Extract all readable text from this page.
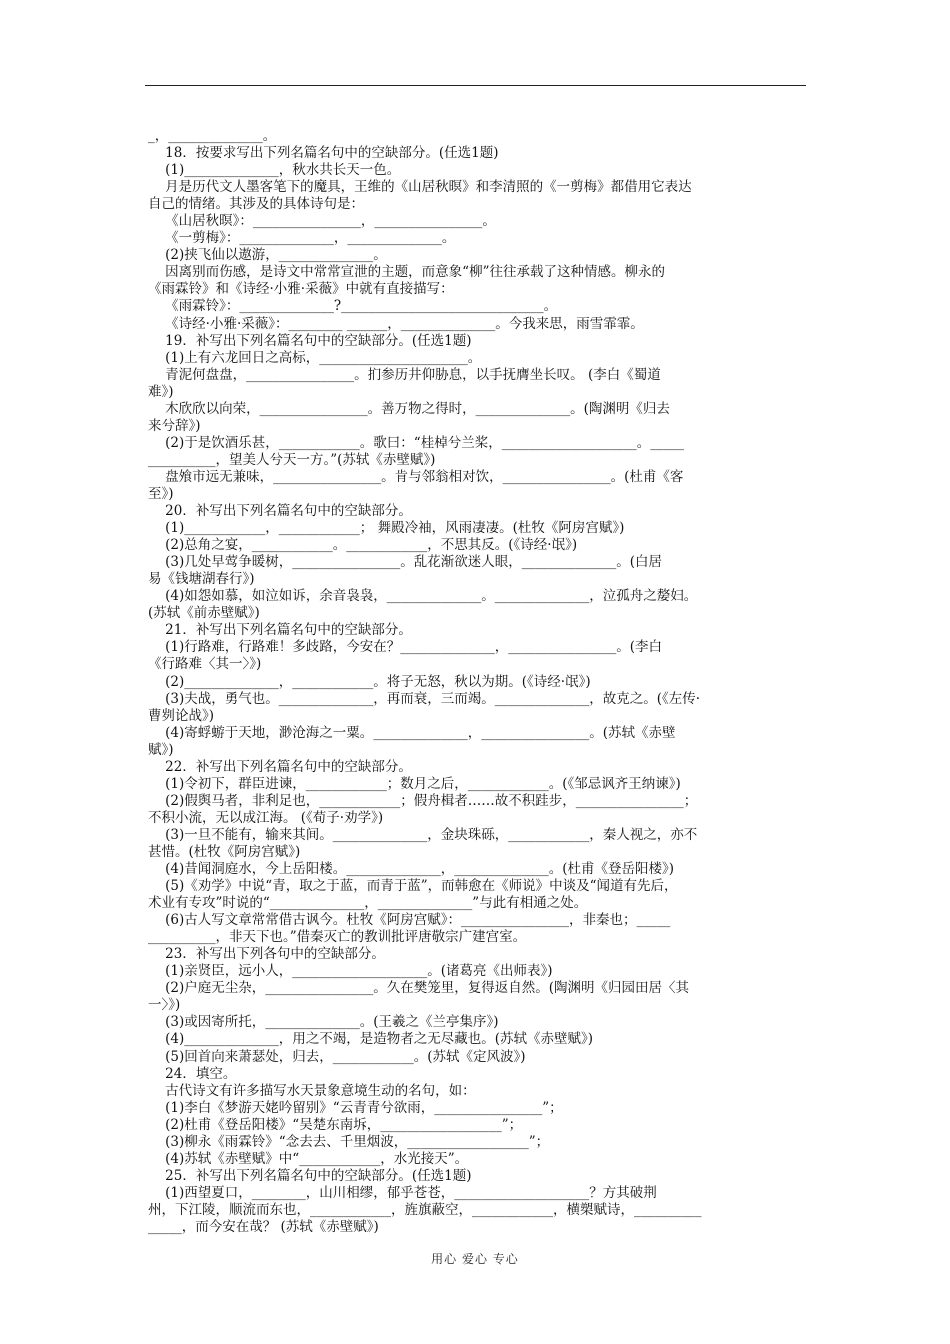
_，______________。
18．按要求写出下列名篇名句中的空缺部分。(任选1题)
(1)______________，秋水共长天一色。
月是历代文人墨客笔下的魔具，王维的《山居秋暝》和李清照的《一剪梅》都借用它表达
自己的情绪。其涉及的具体诗句是：
《山居秋暝》：________________，________________。
《一剪梅》：______________，______________。
(2)挟飞仙以遨游，______________。
因离别而伤感，是诗文中常常宣泄的主题，而意象“柳”往往承载了这种情感。柳永的
《雨霖铃》和《诗经·小雅·采薇》中就有直接描写：
《雨霖铃》：______________?______________________________。
《诗经·小雅·采薇》：________ ______，______________。今我来思，雨雪霏霏。
19．补写出下列名篇名句中的空缺部分。(任选1题)
(1)上有六龙回日之高标，______________________。
青泥何盘盘，________________。扪参历井仰胁息，以手抚膺坐长叹。 (李白《蜀道
难》)
木欣欣以向荣，________________。善万物之得时，______________。(陶渊明《归去
来兮辞》)
(2)于是饮酒乐甚，____________。歌曰：“桂棹兮兰桨，____________________。_____
__________，望美人兮天一方。”(苏轼《赤壁赋》)
盘飧市远无兼味，________________。肯与邻翁相对饮，________________。(杜甫《客
至》)
20．补写出下列名篇名句中的空缺部分。
(1)____________，____________； 舞殿冷袖，风雨凄凄。(杜牧《阿房宫赋》)
(2)总角之宴，____________。____________，不思其反。(《诗经·氓》)
(3)几处早莺争暖树，________________。乱花渐欲迷人眼，______________。(白居
易《钱塘湖春行》)
(4)如怨如慕，如泣如诉，余音袅袅，______________。______________，泣孤舟之嫠妇。
(苏轼《前赤壁赋》)
21．补写出下列名篇名句中的空缺部分。
(1)行路难，行路难！多歧路，今安在？______________，________________。(李白
《行路难〈其一〉》)
(2)______________，____________。将子无怒，秋以为期。(《诗经·氓》)
(3)夫战，勇气也。______________，再而衰，三而竭。______________，故克之。(《左传·
曹刿论战》)
(4)寄蜉蝣于天地，渺沧海之一粟。______________，________________。(苏轼《赤壁
赋》)
22．补写出下列名篇名句中的空缺部分。
(1)令初下，群臣进谏，____________；数月之后，____________。(《邹忌讽齐王纳谏》)
(2)假舆马者，非利足也，____________；假舟楫者……故不积跬步，________________；
不积小流，无以成江海。 (《荀子·劝学》)
(3)一旦不能有，输来其间。______________，金块珠砾，____________，秦人视之，亦不
甚惜。(杜牧《阿房宫赋》)
(4)昔闻洞庭水，今上岳阳楼。______________，______________。(杜甫《登岳阳楼》)
(5)《劝学》中说“青，取之于蓝，而青于蓝”，而韩愈在《师说》中谈及“闻道有先后，
术业有专攻”时说的“______________，______________”与此有相通之处。
(6)古人写文章常常借古讽今。杜牧《阿房宫赋》：________________，非秦也；_____
__________，非天下也。”借秦灭亡的教训批评唐敬宗广建宫室。
23．补写出下列各句中的空缺部分。
(1)亲贤臣，远小人，____________________。(诸葛亮《出师表》)
(2)户庭无尘杂，________________。久在樊笼里，复得返自然。(陶渊明《归园田居〈其
一〉》)
(3)或因寄所托，______________。(王羲之《兰亭集序》)
(4)______________，用之不竭，是造物者之无尽藏也。(苏轼《赤壁赋》)
(5)回首向来萧瑟处，归去，____________。(苏轼《定风波》)
24．填空。
古代诗文有许多描写水天景象意境生动的名句，如：
(1)李白《梦游天姥吟留别》“云青青兮欲雨，________________”；
(2)杜甫《登岳阳楼》“吴楚东南坼，__________________”；
(3)柳永《雨霖铃》“念去去、千里烟波，__________________”；
(4)苏轼《赤壁赋》中“____________，水光接天”。
25．补写出下列名篇名句中的空缺部分。(任选1题)
(1)西望夏口，________，山川相缪，郁乎苍苍，____________________？方其破荆
州，下江陵，顺流而东也，____________，旌旗蔽空，____________，横槊赋诗，__________
_____，而今安在哉？ (苏轼《赤壁赋》)
用心 爱心 专心
